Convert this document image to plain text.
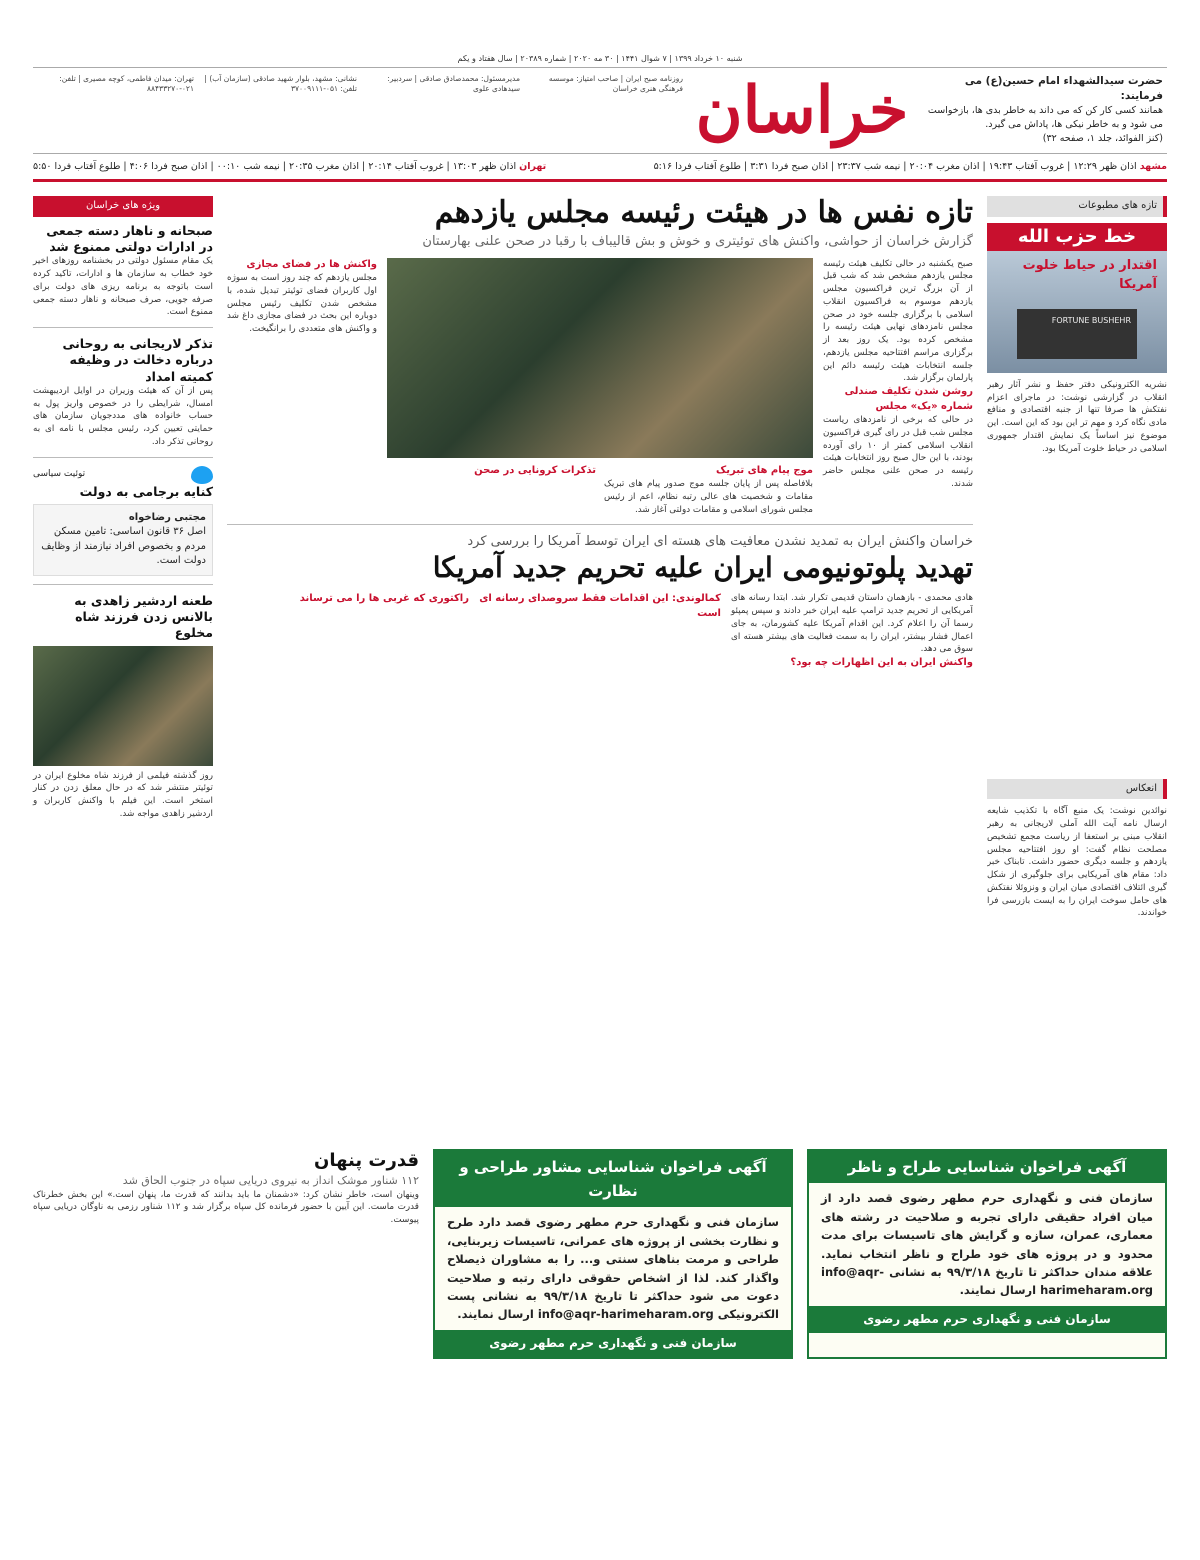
شنبه ۱۰ خرداد ۱۳۹۹ | ۷ شوال ۱۴۴۱ | ۳۰ مه ۲۰۲۰ | شماره ۲۰۳۸۹ | سال هفتاد و یکم
حضرت سیدالشهداء امام حسین(ع) می فرمایند:
همانند کسی کار کن که می داند به خاطر بدی ها، بازخواست می شود و به خاطر نیکی ها، پاداش می گیرد.
(کنز الفوائد، جلد ۱، صفحه ۳۲)
خراسان
روزنامه صبح ایران | صاحب امتیاز: موسسه فرهنگی هنری خراسان
مدیرمسئول: محمدصادق صادقی | سردبیر: سیدهادی علوی
نشانی: مشهد، بلوار شهید صادقی (سازمان آب) | تلفن: ۰۵۱-۳۷۰۰۹۱۱۱
تهران: میدان فاطمی، کوچه مصیری | تلفن: ۰۲۱-۸۸۴۳۳۲۷۰
مشهد اذان ظهر ۱۲:۲۹ | غروب آفتاب ۱۹:۴۳ | اذان مغرب ۲۰:۰۴ | نیمه شب ۲۳:۳۷ | اذان صبح فردا ۳:۳۱ | طلوع آفتاب فردا ۵:۱۶
تهران اذان ظهر ۱۳:۰۳ | غروب آفتاب ۲۰:۱۴ | اذان مغرب ۲۰:۳۵ | نیمه شب ۰۰:۱۰ | اذان صبح فردا ۴:۰۶ | طلوع آفتاب فردا ۵:۵۰
تازه های مطبوعات
خط حزب الله
اقتدار در حیاط خلوت آمریکا
FORTUNE BUSHEHR

نشریه الکترونیکی دفتر حفظ و نشر آثار رهبر انقلاب در گزارشی نوشت: در ماجرای اعزام نفتکش ها صرفا تنها از جنبه اقتصادی و منافع مادی نگاه کرد و مهم تر این بود که این است. این موضوع نیز اساساً یک نمایش اقتدار جمهوری اسلامی در حیاط خلوت آمریکا بود.

انعکاس

نوائدین نوشت: یک منبع آگاه با تکذیب شایعه ارسال نامه آیت الله آملی لاریجانی به رهبر انقلاب مبنی بر استعفا از ریاست مجمع تشخیص مصلحت نظام گفت: او روز افتتاحیه مجلس یازدهم و جلسه دیگری حضور داشت. تابناک خبر داد: مقام های آمریکایی برای جلوگیری از شکل گیری ائتلاف اقتصادی میان ایران و ونزوئلا نفتکش های حامل سوخت ایران را به ایست بازرسی فرا خواندند.

تازه نفس ها در هیئت رئیسه مجلس یازدهم
گزارش خراسان از حواشی، واکنش های توئیتری و خوش و بش قالیباف با رقبا در صحن علنی بهارستان

صبح یکشنبه در حالی تکلیف هیئت رئیسه مجلس یازدهم مشخص شد که شب قبل از آن بزرگ ترین فراکسیون مجلس یازدهم موسوم به فراکسیون انقلاب اسلامی با برگزاری جلسه خود در صحن مجلس نامزدهای نهایی هیئت رئیسه را مشخص کرده بود. یک روز بعد از برگزاری مراسم افتتاحیه مجلس یازدهم، جلسه انتخابات هیئت رئیسه دائم این پارلمان برگزار شد.

روشن شدن تکلیف صندلی شماره «یک» مجلس

در حالی که برخی از نامزدهای ریاست مجلس شب قبل در رای گیری فراکسیون انقلاب اسلامی کمتر از ۱۰ رای آورده بودند، با این حال صبح روز انتخابات هیئت رئیسه در صحن علنی مجلس حاضر شدند.

موج پیام های تبریک

بلافاصله پس از پایان جلسه موج صدور پیام های تبریک مقامات و شخصیت های عالی رتبه نظام، اعم از رئیس مجلس شورای اسلامی و مقامات دولتی آغاز شد.

تذکرات کرونایی در صحن
واکنش ها در فضای مجازی

مجلس یازدهم که چند روز است به سوژه اول کاربران فضای توئیتر تبدیل شده، با مشخص شدن تکلیف رئیس مجلس دوباره این بحث در فضای مجازی داغ شد و واکنش های متعددی را برانگیخت.

خراسان واکنش ایران به تمدید نشدن معافیت های هسته ای ایران توسط آمریکا را بررسی کرد
تهدید پلوتونیومی ایران علیه تحریم جدید آمریکا

هادی محمدی - بازهمان داستان قدیمی تکرار شد. ابتدا رسانه های آمریکایی از تحریم جدید ترامپ علیه ایران خبر دادند و سپس پمپئو رسما آن را اعلام کرد. این اقدام آمریکا علیه کشورمان، به جای اعمال فشار بیشتر، ایران را به سمت فعالیت های بیشتر هسته ای سوق می دهد.

واکنش ایران به این اظهارات چه بود؟
کمالوندی: این اقدامات فقط سروصدای رسانه ای است
راکتوری که غربی ها را می ترساند
ویژه های خراسان
صبحانه و ناهار دسته جمعی در ادارات دولتی ممنوع شد

یک مقام مسئول دولتی در بخشنامه روزهای اخیر خود خطاب به سازمان ها و ادارات، تاکید کرده است باتوجه به برنامه ریزی های دولت برای صرفه جویی، صرف صبحانه و ناهار دسته جمعی ممنوع است.

تذکر لاریجانی به روحانی درباره دخالت در وظیفه کمیته امداد

پس از آن که هیئت وزیران در اوایل اردیبهشت امسال، شرایطی را در خصوص واریز پول به حساب خانواده های مددجویان سازمان های حمایتی تعیین کرد، رئیس مجلس با نامه ای به روحانی تذکر داد.

توئیت سیاسی
کنایه برجامی به دولت
مجتبی رضاخواه
اصل ۳۶ قانون اساسی: تامین مسکن مردم و بخصوص افراد نیازمند از وظایف دولت است.
طعنه اردشیر زاهدی به بالانس زدن فرزند شاه مخلوع

روز گذشته فیلمی از فرزند شاه مخلوع ایران در توئیتر منتشر شد که در حال معلق زدن در کنار استخر است. این فیلم با واکنش کاربران و اردشیر زاهدی مواجه شد.

آگهی فراخوان شناسایی طراح و ناظر
سازمان فنی و نگهداری حرم مطهر رضوی قصد دارد از میان افراد حقیقی دارای تجربه و صلاحیت در رشته های معماری، عمران، سازه و گرایش های تاسیسات برای مدت محدود و در پروژه های خود طراح و ناظر انتخاب نماید. علاقه مندان حداکثر تا تاریخ ۹۹/۳/۱۸ به نشانی info@aqr-harimeharam.org ارسال نمایند.
سازمان فنی و نگهداری حرم مطهر رضوی
آگهی فراخوان شناسایی مشاور طراحی و نظارت
سازمان فنی و نگهداری حرم مطهر رضوی قصد دارد طرح و نظارت بخشی از پروژه های عمرانی، تاسیسات زیربنایی، طراحی و مرمت بناهای سنتی و... را به مشاوران ذیصلاح واگذار کند. لذا از اشخاص حقوقی دارای رتبه و صلاحیت دعوت می شود حداکثر تا تاریخ ۹۹/۳/۱۸ به نشانی پست الکترونیکی info@aqr-harimeharam.org ارسال نمایند.
سازمان فنی و نگهداری حرم مطهر رضوی
قدرت پنهان
۱۱۲ شناور موشک انداز به نیروی دریایی سپاه در جنوب الحاق شد

وینهان است، خاطر نشان کرد: «دشمنان ما باید بدانند که قدرت ما، پنهان است.» این بخش خطرناک قدرت ماست. این آیین با حضور فرمانده کل سپاه برگزار شد و ۱۱۲ شناور رزمی به ناوگان دریایی سپاه پیوست.
